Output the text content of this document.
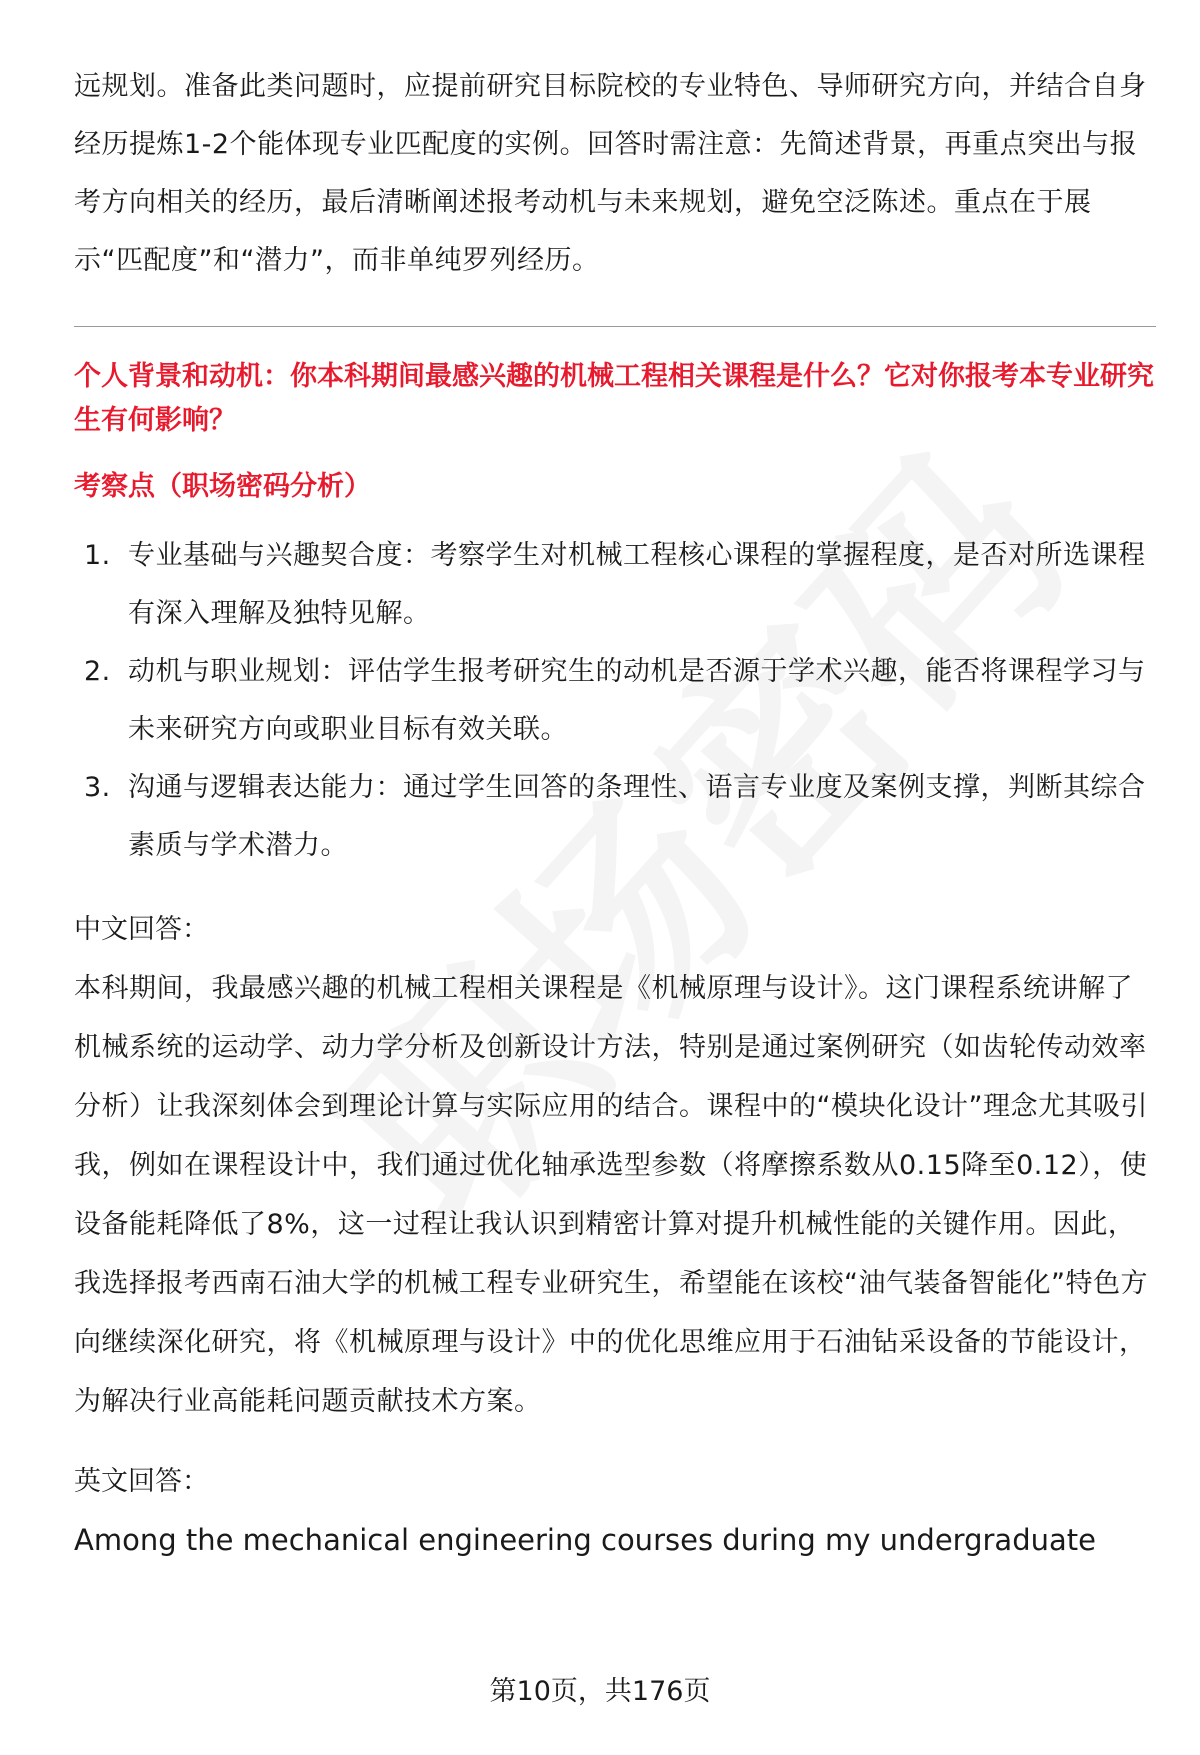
远规划。准备此类问题时，应提前研究目标院校的专业特色、导师研究方向，并结合自身经历提炼1-2个能体现专业匹配度的实例。回答时需注意：先简述背景，再重点突出与报考方向相关的经历，最后清晰阐述报考动机与未来规划，避免空泛陈述。重点在于展示“匹配度”和“潜力”，而非单纯罗列经历。

个人背景和动机：你本科期间最感兴趣的机械工程相关课程是什么？它对你报考本专业研究生有何影响？

考察点（职场密码分析）

1. 专业基础与兴趣契合度：考察学生对机械工程核心课程的掌握程度，是否对所选课程有深入理解及独特见解。
2. 动机与职业规划：评估学生报考研究生的动机是否源于学术兴趣，能否将课程学习与未来研究方向或职业目标有效关联。
3. 沟通与逻辑表达能力：通过学生回答的条理性、语言专业度及案例支撑，判断其综合素质与学术潜力。

中文回答：

本科期间，我最感兴趣的机械工程相关课程是《机械原理与设计》。这门课程系统讲解了机械系统的运动学、动力学分析及创新设计方法，特别是通过案例研究（如齿轮传动效率分析）让我深刻体会到理论计算与实际应用的结合。课程中的“模块化设计”理念尤其吸引我，例如在课程设计中，我们通过优化轴承选型参数（将摩擦系数从0.15降至0.12），使设备能耗降低了8%，这一过程让我认识到精密计算对提升机械性能的关键作用。因此，我选择报考西南石油大学的机械工程专业研究生，希望能在该校“油气装备智能化”特色方向继续深化研究，将《机械原理与设计》中的优化思维应用于石油钻采设备的节能设计，为解决行业高能耗问题贡献技术方案。

英文回答：

Among the mechanical engineering courses during my undergraduate

第10页，共176页
